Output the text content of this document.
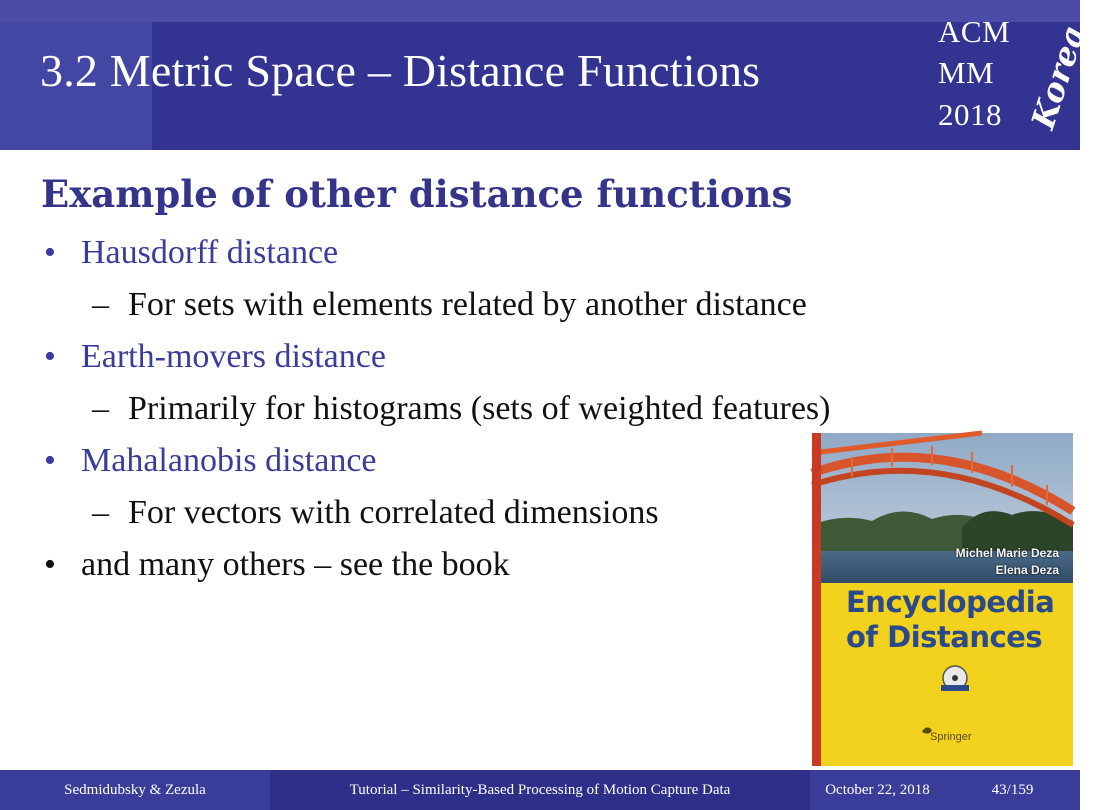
3.2 Metric Space – Distance Functions
ACM
MM
2018 Korea
Example of other distance functions
• Hausdorff distance
– For sets with elements related by another distance
• Earth-movers distance
– Primarily for histograms (sets of weighted features)
• Mahalanobis distance
– For vectors with correlated dimensions
• and many others – see the book	Michel Marie Deza
Elena Deza
Encyclopedia
of Distances
Springer
Sedmidubsky & Zezula	Tutorial – Similarity-Based Processing of Motion Capture Data	October 22, 2018	43/159
